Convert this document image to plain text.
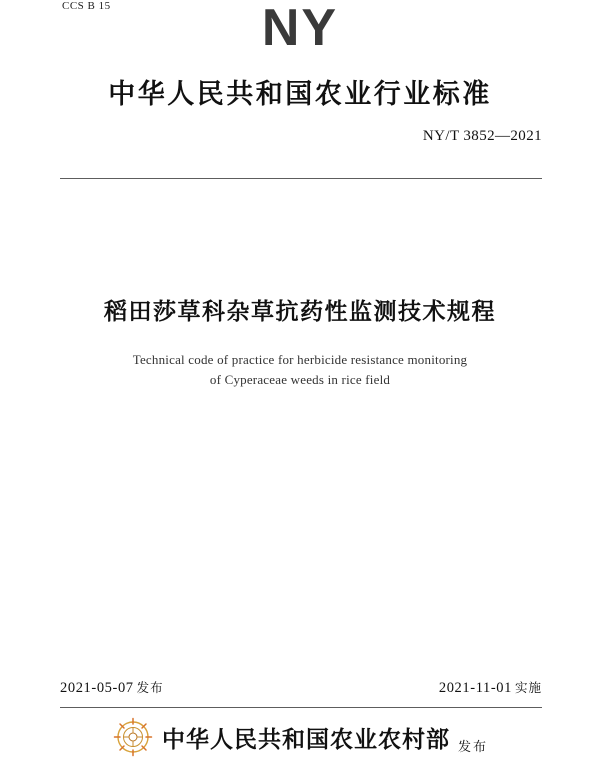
CCS B 15	NY
中华人民共和国农业行业标准
NY/T 3852—2021
稻田莎草科杂草抗药性监测技术规程
Technical code of practice for herbicide resistance monitoring
of Cyperaceae weeds in rice field
2021-05-07 发布	2021-11-01 实施
中华人民共和国农业农村部 发布
